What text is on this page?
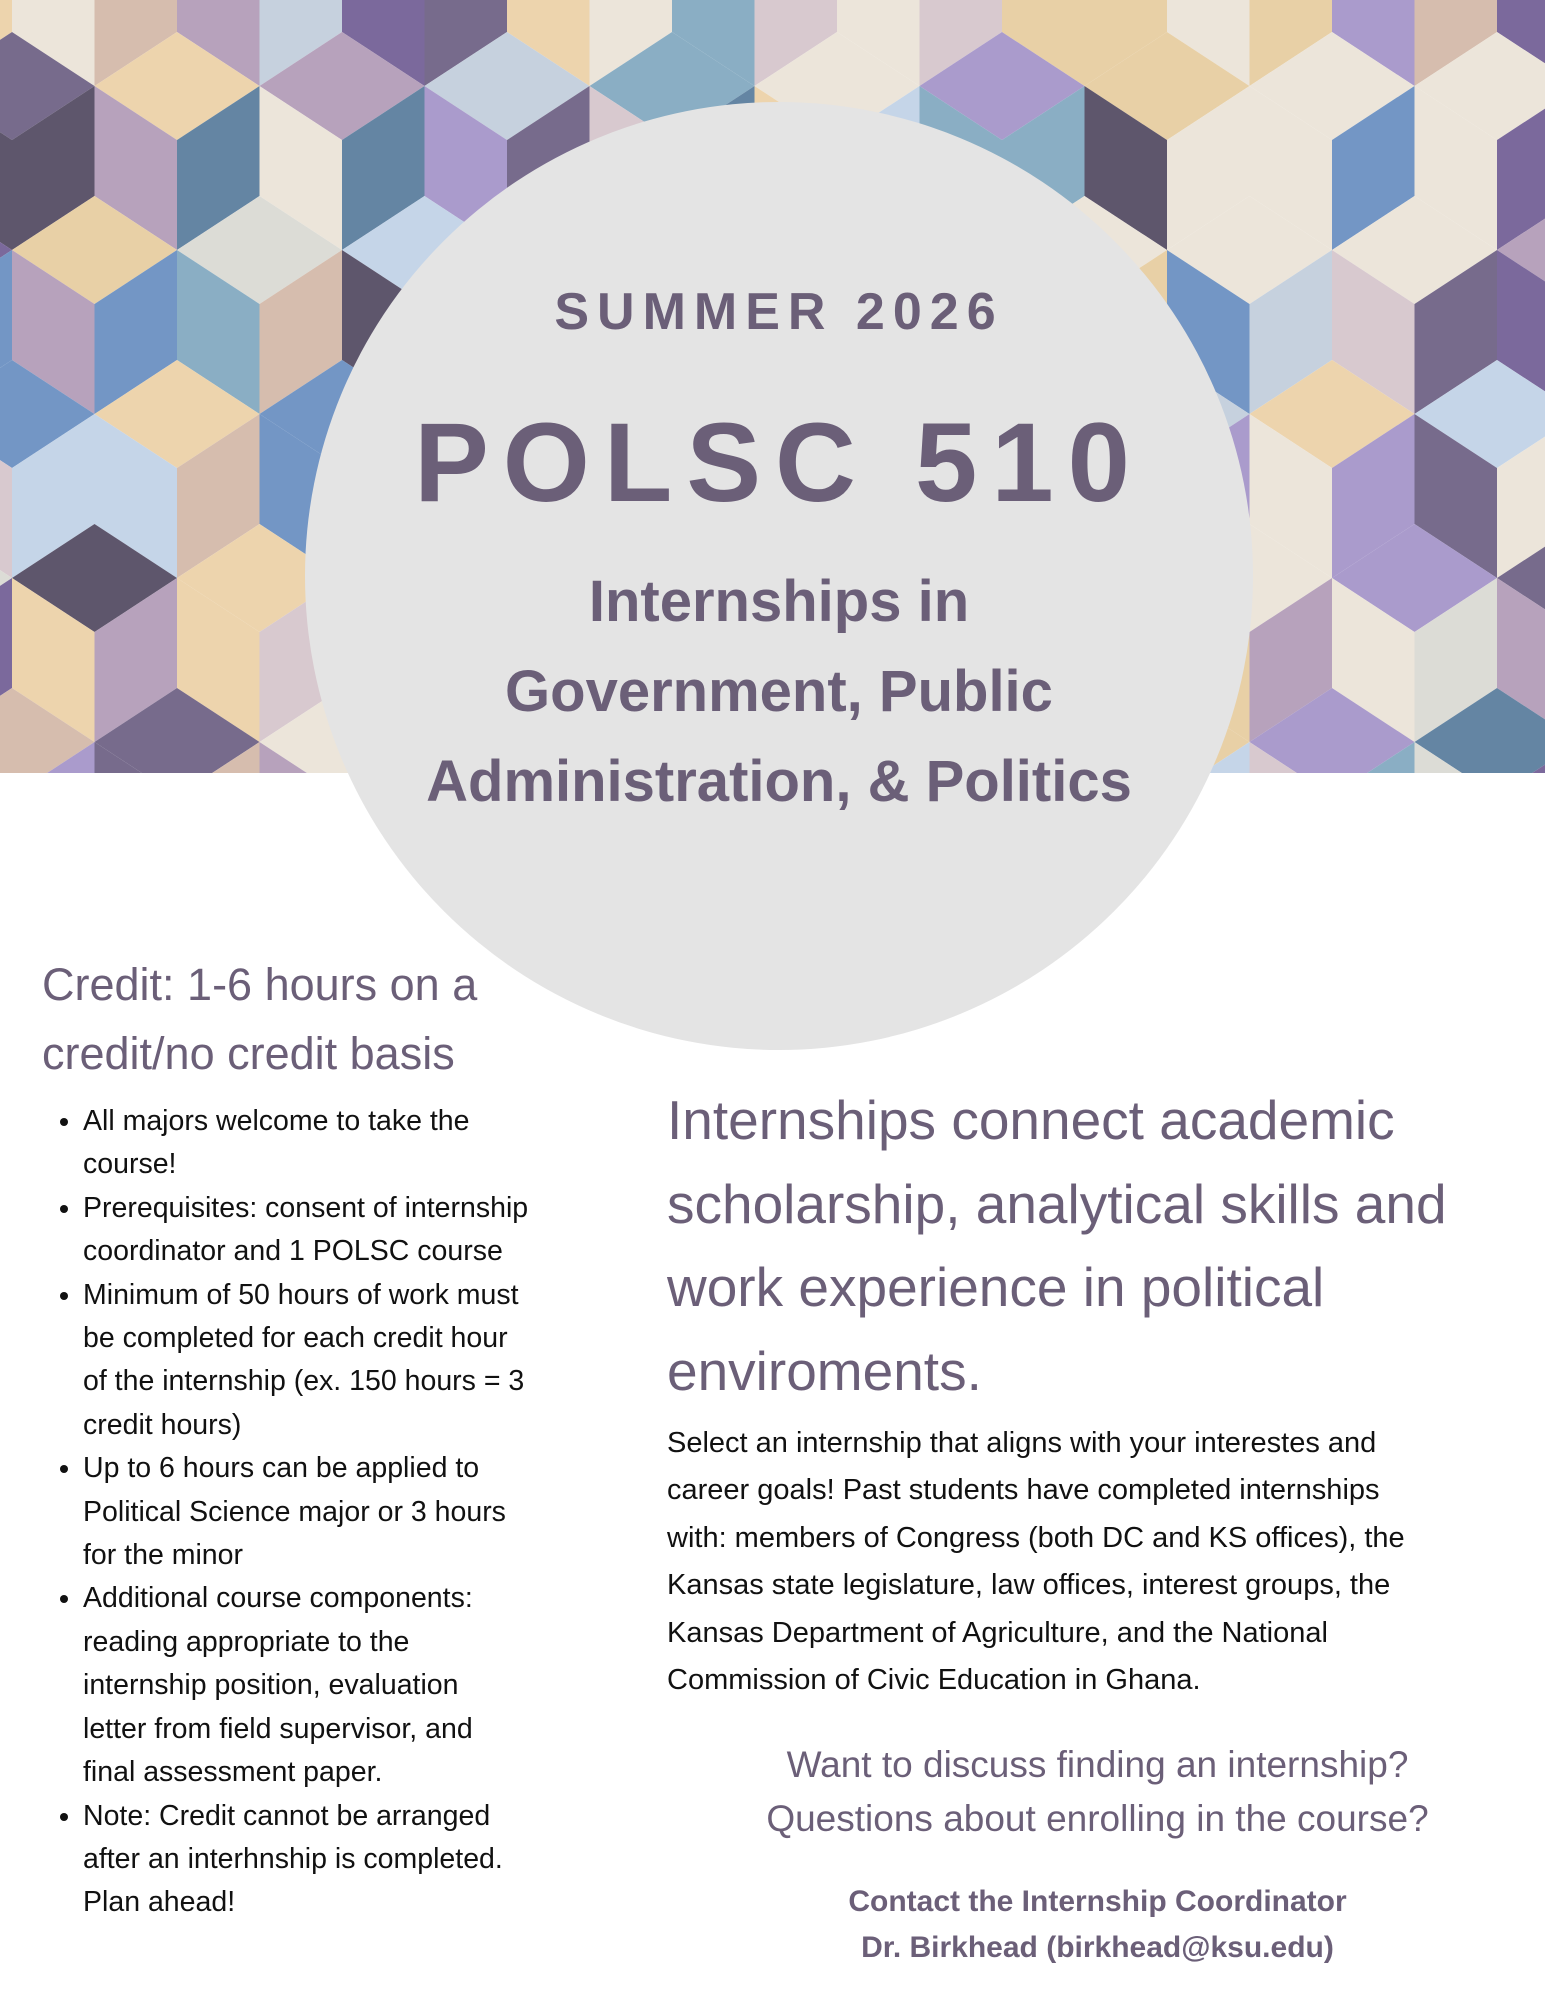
SUMMER 2026
POLSC 510
Internships in
Government, Public
Administration, & Politics
Credit: 1-6 hours on a
credit/no credit basis
• All majors welcome to take the
course!
• Prerequisites: consent of internship
coordinator and 1 POLSC course
• Minimum of 50 hours of work must
be completed for each credit hour
of the internship (ex. 150 hours = 3
credit hours)
• Up to 6 hours can be applied to
Political Science major or 3 hours
for the minor
• Additional course components:
reading appropriate to the
internship position, evaluation
letter from field supervisor, and
final assessment paper.
• Note: Credit cannot be arranged
after an interhnship is completed.
Plan ahead!
Internships connect academic
scholarship, analytical skills and
work experience in political
enviroments.
Select an internship that aligns with your interestes and
career goals! Past students have completed internships
with: members of Congress (both DC and KS offices), the
Kansas state legislature, law offices, interest groups, the
Kansas Department of Agriculture, and the National
Commission of Civic Education in Ghana.
Want to discuss finding an internship?
Questions about enrolling in the course?
Contact the Internship Coordinator
Dr. Birkhead (birkhead@ksu.edu)
